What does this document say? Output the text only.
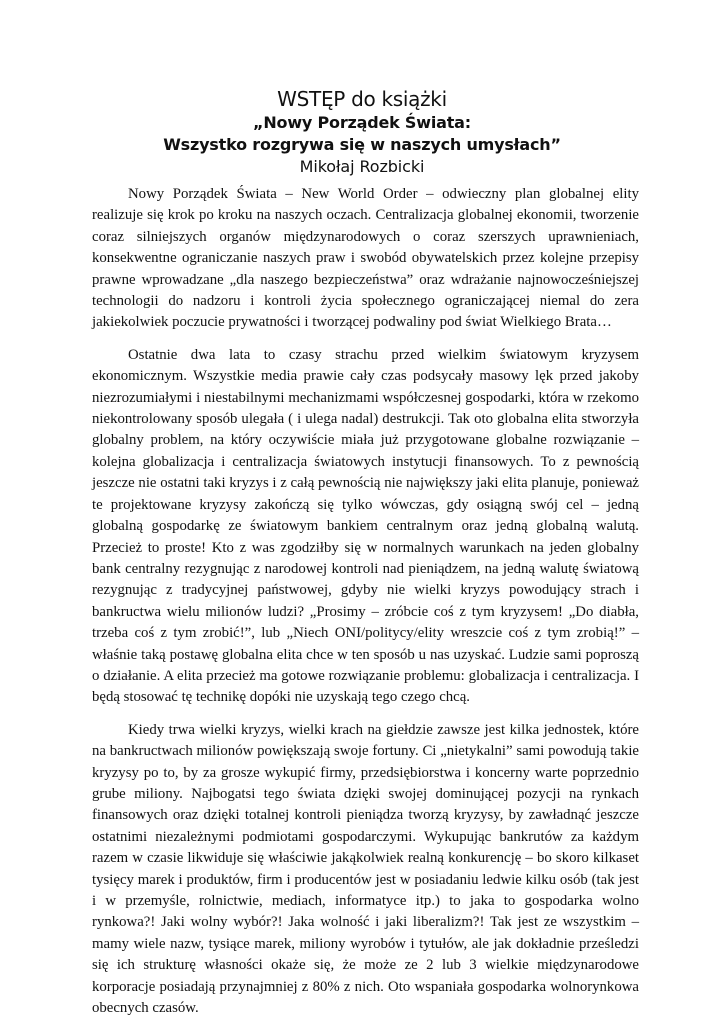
WSTĘP do książki
„Nowy Porządek Świata:
Wszystko rozgrywa się w naszych umysłach”
Mikołaj Rozbicki

Nowy Porządek Świata – New World Order – odwieczny plan globalnej elity realizuje się krok po kroku na naszych oczach. Centralizacja globalnej ekonomii, tworzenie coraz silniejszych organów międzynarodowych o coraz szerszych uprawnieniach, konsekwentne ograniczanie naszych praw i swobód obywatelskich przez kolejne przepisy prawne wprowadzane „dla naszego bezpieczeństwa” oraz wdrażanie najnowocześniejszej technologii do nadzoru i kontroli życia społecznego ograniczającej niemal do zera jakiekolwiek poczucie prywatności i tworzącej podwaliny pod świat Wielkiego Brata…

Ostatnie dwa lata to czasy strachu przed wielkim światowym kryzysem ekonomicznym. Wszystkie media prawie cały czas podsycały masowy lęk przed jakoby niezrozumiałymi i niestabilnymi mechanizmami współczesnej gospodarki, która w rzekomo niekontrolowany sposób ulegała ( i ulega nadal) destrukcji. Tak oto globalna elita stworzyła globalny problem, na który oczywiście miała już przygotowane globalne rozwiązanie – kolejna globalizacja i centralizacja światowych instytucji finansowych. To z pewnością jeszcze nie ostatni taki kryzys i z całą pewnością nie największy jaki elita planuje, ponieważ te projektowane kryzysy zakończą się tylko wówczas, gdy osiągną swój cel – jedną globalną gospodarkę ze światowym bankiem centralnym oraz jedną globalną walutą. Przecież to proste! Kto z was zgodziłby się w normalnych warunkach na jeden globalny bank centralny rezygnując z narodowej kontroli nad pieniądzem, na jedną walutę światową rezygnując z tradycyjnej państwowej, gdyby nie wielki kryzys powodujący strach i bankructwa wielu milionów ludzi? „Prosimy – zróbcie coś z tym kryzysem! „Do diabła, trzeba coś z tym zrobić!”, lub „Niech ONI/politycy/elity wreszcie coś z tym zrobią!” – właśnie taką postawę globalna elita chce w ten sposób u nas uzyskać. Ludzie sami poproszą o działanie. A elita przecież ma gotowe rozwiązanie problemu: globalizacja i centralizacja. I będą stosować tę technikę dopóki nie uzyskają tego czego chcą.

Kiedy trwa wielki kryzys, wielki krach na giełdzie zawsze jest kilka jednostek, które na bankructwach milionów powiększają swoje fortuny. Ci „nietykalni” sami powodują takie kryzysy po to, by za grosze wykupić firmy, przedsiębiorstwa i koncerny warte poprzednio grube miliony. Najbogatsi tego świata dzięki swojej dominującej pozycji na rynkach finansowych oraz dzięki totalnej kontroli pieniądza tworzą kryzysy, by zawładnąć jeszcze ostatnimi niezależnymi podmiotami gospodarczymi. Wykupując bankrutów za każdym razem w czasie likwiduje się właściwie jakąkolwiek realną konkurencję – bo skoro kilkaset tysięcy marek i produktów, firm i producentów jest w posiadaniu ledwie kilku osób (tak jest i w przemyśle, rolnictwie, mediach, informatyce itp.) to jaka to gospodarka wolno rynkowa?! Jaki wolny wybór?! Jaka wolność i jaki liberalizm?! Tak jest ze wszystkim – mamy wiele nazw, tysiące marek, miliony wyrobów i tytułów, ale jak dokładnie prześledzi się ich strukturę własności okaże się, że może ze 2 lub 3 wielkie międzynarodowe korporacje posiadają przynajmniej z 80% z nich. Oto wspaniała gospodarka wolnorynkowa obecnych czasów.
